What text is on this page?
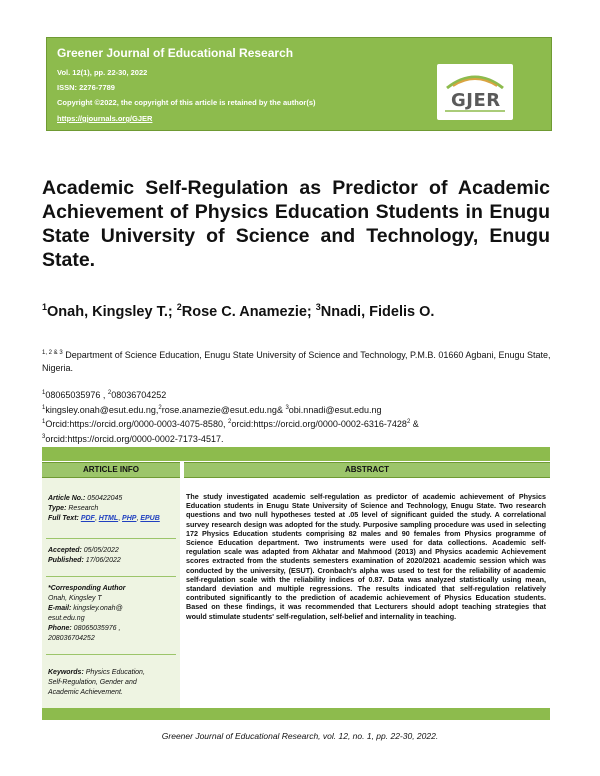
Greener Journal of Educational Research
Vol. 12(1), pp. 22-30, 2022
ISSN: 2276-7789
Copyright ©2022, the copyright of this article is retained by the author(s)
https://gjournals.org/GJER
GJER
Academic Self-Regulation as Predictor of Academic Achievement of Physics Education Students in Enugu State University of Science and Technology, Enugu State.
$^1$Onah, Kingsley T.; $^2$Rose C. Anamezie; $^3$Nnadi, Fidelis O.
$^{1, 2 \& 3}$ Department of Science Education, Enugu State University of Science and Technology, P.M.B. 01660 Agbani, Enugu State, Nigeria.
$^1$08065035976 , $^2$08036704252
$^1$kingsley.onah@esut.edu.ng,$^2$rose.anamezie@esut.edu.ng& $^3$obi.nnadi@esut.edu.ng
$^1$Orcid:https://orcid.org/0000-0003-4075-8580, $^2$orcid:https://orcid.org/0000-0002-6316-7428$^2$ &
$^3$orcid:https://orcid.org/0000-0002-7173-4517.
ARTICLE INFO	ABSTRACT
Article No.: 050422045
Type: Research
Full Text: PDF, HTML, PHP, EPUB
Accepted: 05/05/2022
Published: 17/06/2022
*Corresponding Author
Onah, Kingsley T
E-mail: kingsley.onah@
esut.edu.ng
Phone: 08065035976 ,
208036704252
Keywords: Physics Education,
Self-Regulation, Gender and
Academic Achievement.
The study investigated academic self-regulation as predictor of academic achievement of Physics Education students in Enugu State University of Science and Technology, Enugu State. Two research questions and two null hypotheses tested at .05 level of significant guided the study. A correlational survey research design was adopted for the study. Purposive sampling procedure was used in selecting 172 Physics Education students comprising 82 males and 90 females from Physics programme of Science Education department. Two instruments were used for data collections. Academic self-regulation scale was adapted from Akhatar and Mahmood (2013) and Physics academic Achievement scores extracted from the students semesters examination of 2020/2021 academic session which was conducted by the university, (ESUT). Cronbach's alpha was used to test for the reliability of academic self-regulation scale with the reliability indices of 0.87. Data was analyzed statistically using mean, standard deviation and multiple regressions. The results indicated that self-regulation relatively contributed significantly to the prediction of academic achievement of Physics Education students. Based on these findings, it was recommended that Lecturers should adopt teaching strategies that would stimulate students' self-regulation, self-belief and internality in teaching.
Greener Journal of Educational Research, vol. 12, no. 1, pp. 22-30, 2022.
